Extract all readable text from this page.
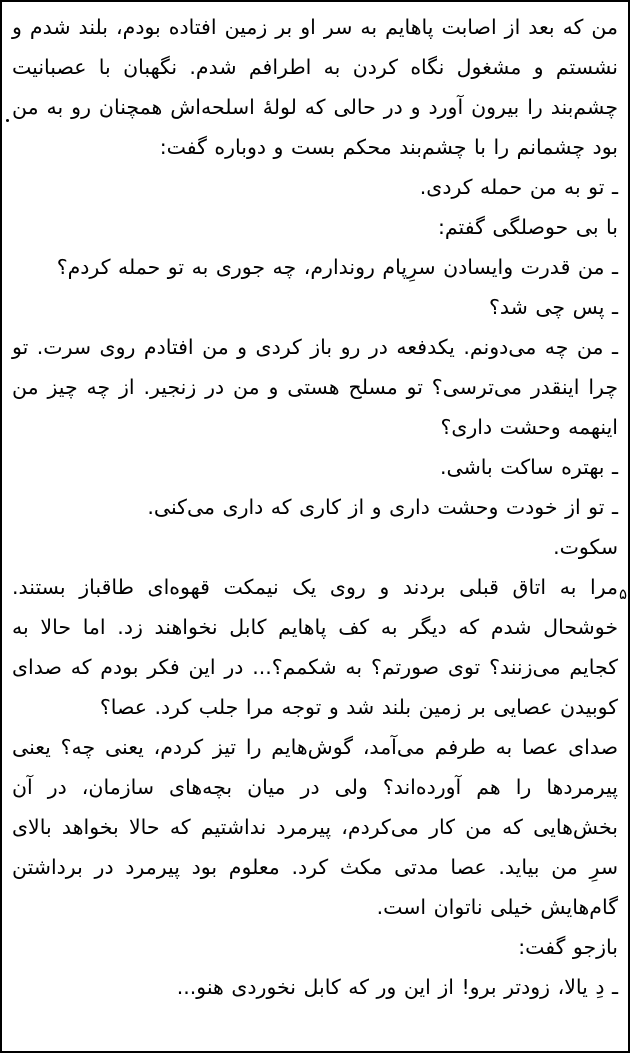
من که بعد از اصابت پاهایم به سر او بر زمین افتاده بودم، بلند شدم و نشستم و مشغول نگاه کردن به اطرافم شدم. نگهبان با عصبانیت چشم‌بند را بیرون آورد و در حالی که لولهٔ اسلحه‌اش همچنان رو به من بود چشمانم را با چشم‌بند محکم بست و دوباره گفت:

ـ تو به من حمله کردی.

با بی حوصلگی گفتم:

ـ من قدرت وایسادن سرِپام روندارم، چه جوری به تو حمله کردم؟

ـ پس چی شد؟

ـ من چه می‌دونم. یکدفعه در رو باز کردی و من افتادم روی سرت. تو چرا اینقدر می‌ترسی؟ تو مسلح هستی و من در زنجیر. از چه چیز من اینهمه وحشت داری؟

ـ بهتره ساکت باشی.

ـ تو از خودت وحشت داری و از کاری که داری می‌کنی.

سکوت.

مرا به اتاق قبلی بردند و روی یک نیمکت قهوه‌ای طاقباز بستند. خوشحال شدم که دیگر به کف پاهایم کابل نخواهند زد. اما حالا به کجایم می‌زنند؟ توی صورتم؟ به شکمم؟... در این فکر بودم که صدای کوبیدن عصایی بر زمین بلند شد و توجه مرا جلب کرد. عصا؟

صدای عصا به طرفم می‌آمد، گوش‌هایم را تیز کردم، یعنی چه؟ یعنی پیرمردها را هم آورده‌اند؟ ولی در میان بچه‌های سازمان، در آن بخش‌هایی که من کار می‌کردم، پیرمرد نداشتیم که حالا بخواهد بالای سرِ من بیاید. عصا مدتی مکث کرد. معلوم بود پیرمرد در برداشتن گام‌هایش خیلی ناتوان است.

بازجو گفت:

ـ دِ یالا، زودتر برو! از این ور که کابل نخوردی هنو...

۵
